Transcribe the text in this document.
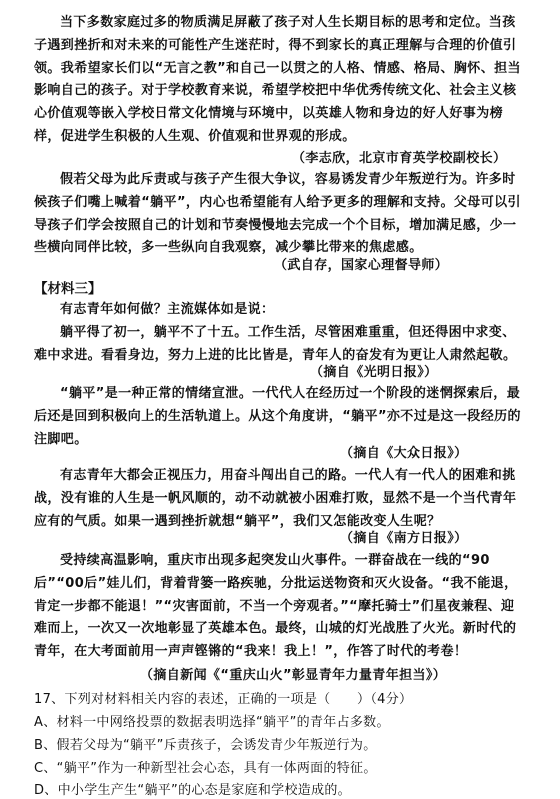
当下多数家庭过多的物质满足屏蔽了孩子对人生长期目标的思考和定位。当孩子遇到挫折和对未来的可能性产生迷茫时，得不到家长的真正理解与合理的价值引领。我希望家长们以“无言之教”和自己一以贯之的人格、情感、格局、胸怀、担当影响自己的孩子。对于学校教育来说，希望学校把中华优秀传统文化、社会主义核心价值观等嵌入学校日常文化情境与环境中，以英雄人物和身边的好人好事为榜样，促进学生积极的人生观、价值观和世界观的形成。

（李志欣，北京市育英学校副校长）

假若父母为此斥责或与孩子产生很大争议，容易诱发青少年叛逆行为。许多时候孩子们嘴上喊着“躺平”，内心也希望能有人给予更多的理解和支持。父母可以引导孩子们学会按照自己的计划和节奏慢慢地去完成一个个目标，增加满足感，少一些横向同伴比较，多一些纵向自我观察，减少攀比带来的焦虑感。

（武自存，国家心理督导师）
【材料三】

有志青年如何做？主流媒体如是说：

躺平得了初一，躺平不了十五。工作生活，尽管困难重重，但还得困中求变、难中求进。看看身边，努力上进的比比皆是，青年人的奋发有为更让人肃然起敬。

（摘自《光明日报》）

“躺平”是一种正常的情绪宣泄。一代代人在经历过一个阶段的迷惘探索后，最后还是回到积极向上的生活轨道上。从这个角度讲，“躺平”亦不过是这一段经历的注脚吧。

（摘自《大众日报》）

有志青年大都会正视压力，用奋斗闯出自己的路。一代人有一代人的困难和挑战，没有谁的人生是一帆风顺的，动不动就被小困难打败，显然不是一个当代青年应有的气质。如果一遇到挫折就想“躺平”，我们又怎能改变人生呢？

（摘自《南方日报》）

受持续高温影响，重庆市出现多起突发山火事件。一群奋战在一线的“90后”“00后”娃儿们，背着背篓一路疾驰，分批运送物资和灭火设备。“我不能退，肯定一步都不能退！”“灾害面前，不当一个旁观者。”“摩托骑士”们星夜兼程、迎难而上，一次又一次地彰显了英雄本色。最终，山城的灯光战胜了火光。新时代的青年，在大考面前用一声声铿锵的“我来！我上！”，作答了时代的考卷！

（摘自新闻《“重庆山火”彰显青年力量青年担当》）
17、下列对材料相关内容的表述，正确的一项是（　　）（4分）
A、材料一中网络投票的数据表明选择“躺平”的青年占多数。
B、假若父母为“躺平”斥责孩子，会诱发青少年叛逆行为。
C、“躺平”作为一种新型社会心态，具有一体两面的特征。
D、中小学生产生“躺平”的心态是家庭和学校造成的。
